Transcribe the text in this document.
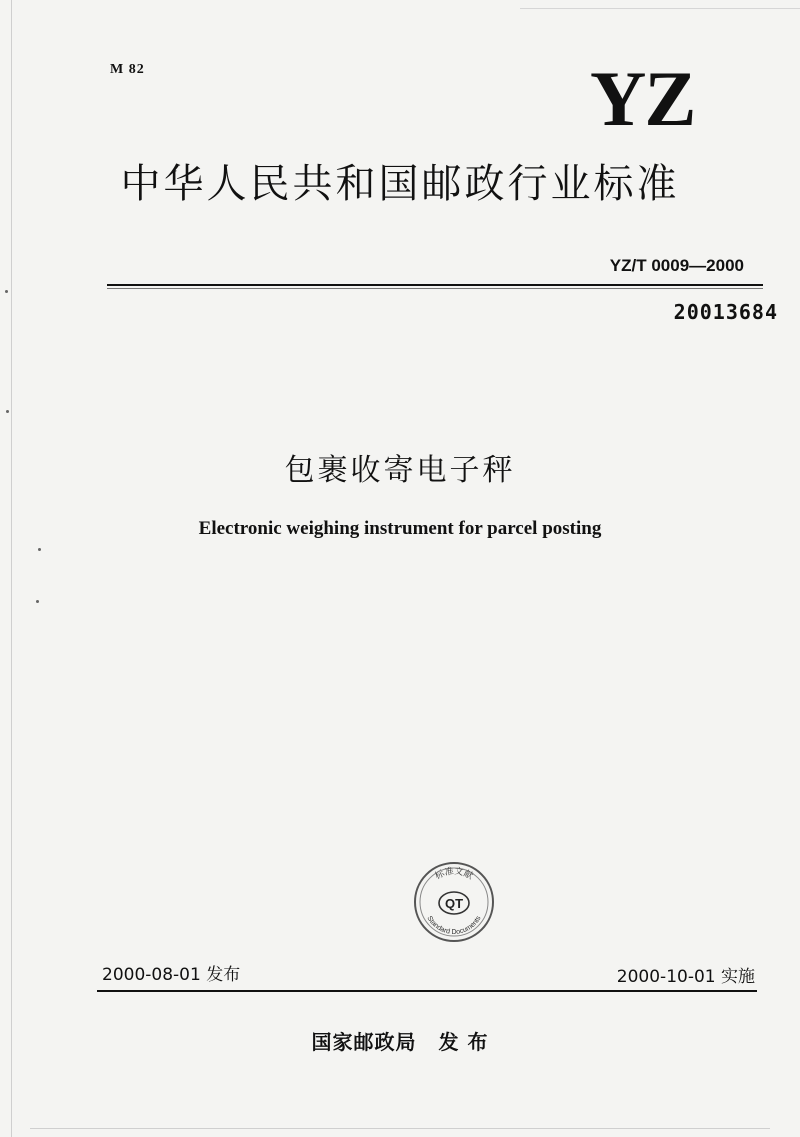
M 82	YZ
中华人民共和国邮政行业标准
YZ/T 0009—2000
20013684
包裹收寄电子秤
Electronic weighing instrument for parcel posting
QT
标准文献
Standard Documents
2000-08-01 发布	2000-10-01 实施
国家邮政局 发 布
